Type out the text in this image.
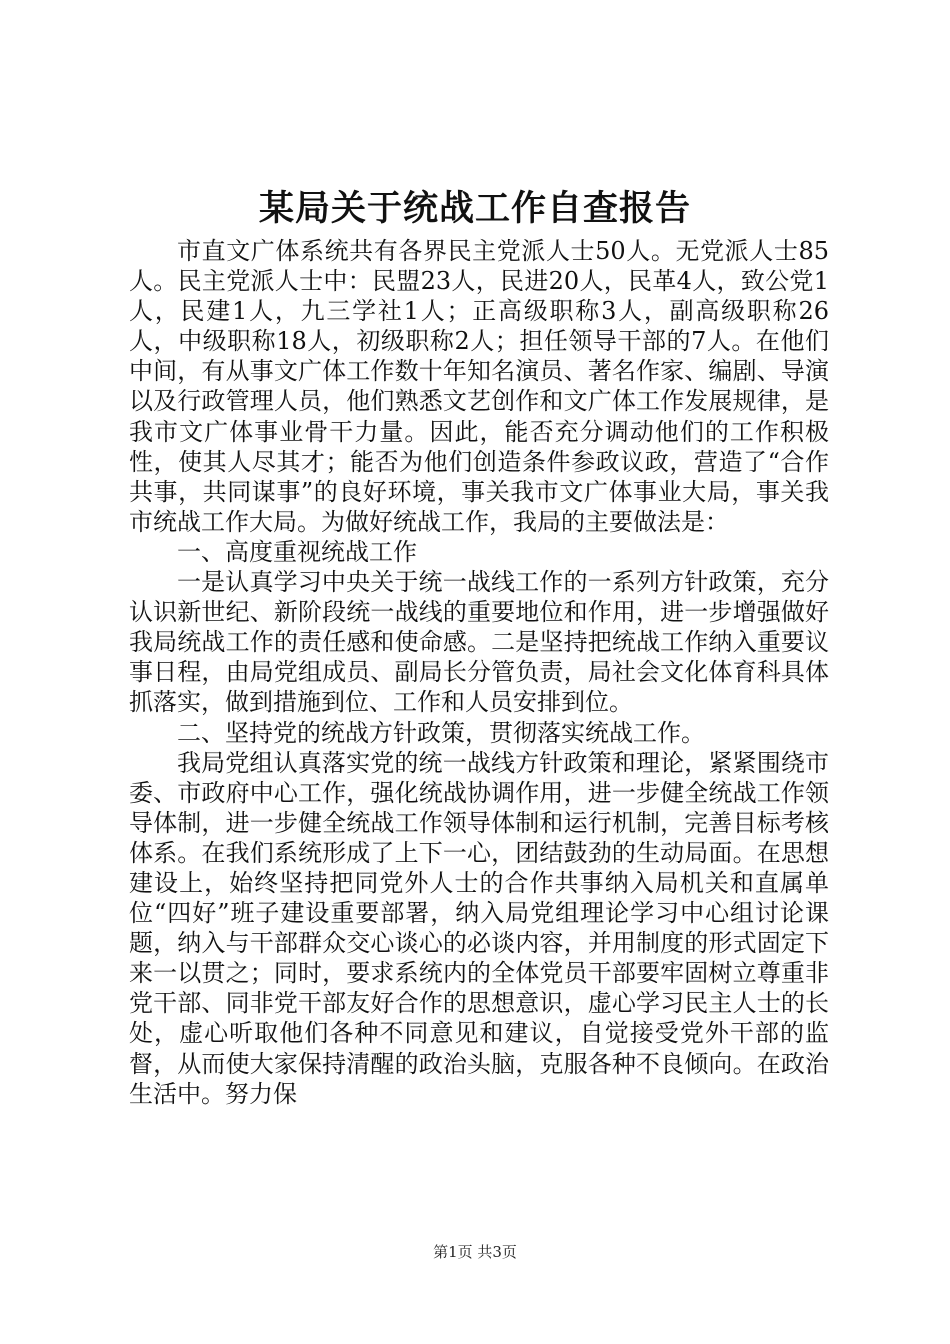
某局关于统战工作自查报告

市直文广体系统共有各界民主党派人士50人。无党派人士85人。民主党派人士中：民盟23人，民进20人，民革4人，致公党1人，民建1人，九三学社1人；正高级职称3人，副高级职称26人，中级职称18人，初级职称2人；担任领导干部的7人。在他们中间，有从事文广体工作数十年知名演员、著名作家、编剧、导演以及行政管理人员，他们熟悉文艺创作和文广体工作发展规律，是我市文广体事业骨干力量。因此，能否充分调动他们的工作积极性，使其人尽其才；能否为他们创造条件参政议政，营造了“合作共事，共同谋事”的良好环境，事关我市文广体事业大局，事关我市统战工作大局。为做好统战工作，我局的主要做法是：

一、高度重视统战工作

一是认真学习中央关于统一战线工作的一系列方针政策，充分认识新世纪、新阶段统一战线的重要地位和作用，进一步增强做好我局统战工作的责任感和使命感。二是坚持把统战工作纳入重要议事日程，由局党组成员、副局长分管负责，局社会文化体育科具体抓落实，做到措施到位、工作和人员安排到位。

二、坚持党的统战方针政策，贯彻落实统战工作。

我局党组认真落实党的统一战线方针政策和理论，紧紧围绕市委、市政府中心工作，强化统战协调作用，进一步健全统战工作领导体制，进一步健全统战工作领导体制和运行机制，完善目标考核体系。在我们系统形成了上下一心，团结鼓劲的生动局面。在思想建设上，始终坚持把同党外人士的合作共事纳入局机关和直属单位“四好”班子建设重要部署，纳入局党组理论学习中心组讨论课题，纳入与干部群众交心谈心的必谈内容，并用制度的形式固定下来一以贯之；同时，要求系统内的全体党员干部要牢固树立尊重非党干部、同非党干部友好合作的思想意识，虚心学习民主人士的长处，虚心听取他们各种不同意见和建议，自觉接受党外干部的监督，从而使大家保持清醒的政治头脑，克服各种不良倾向。在政治生活中。努力保

第1页 共3页
